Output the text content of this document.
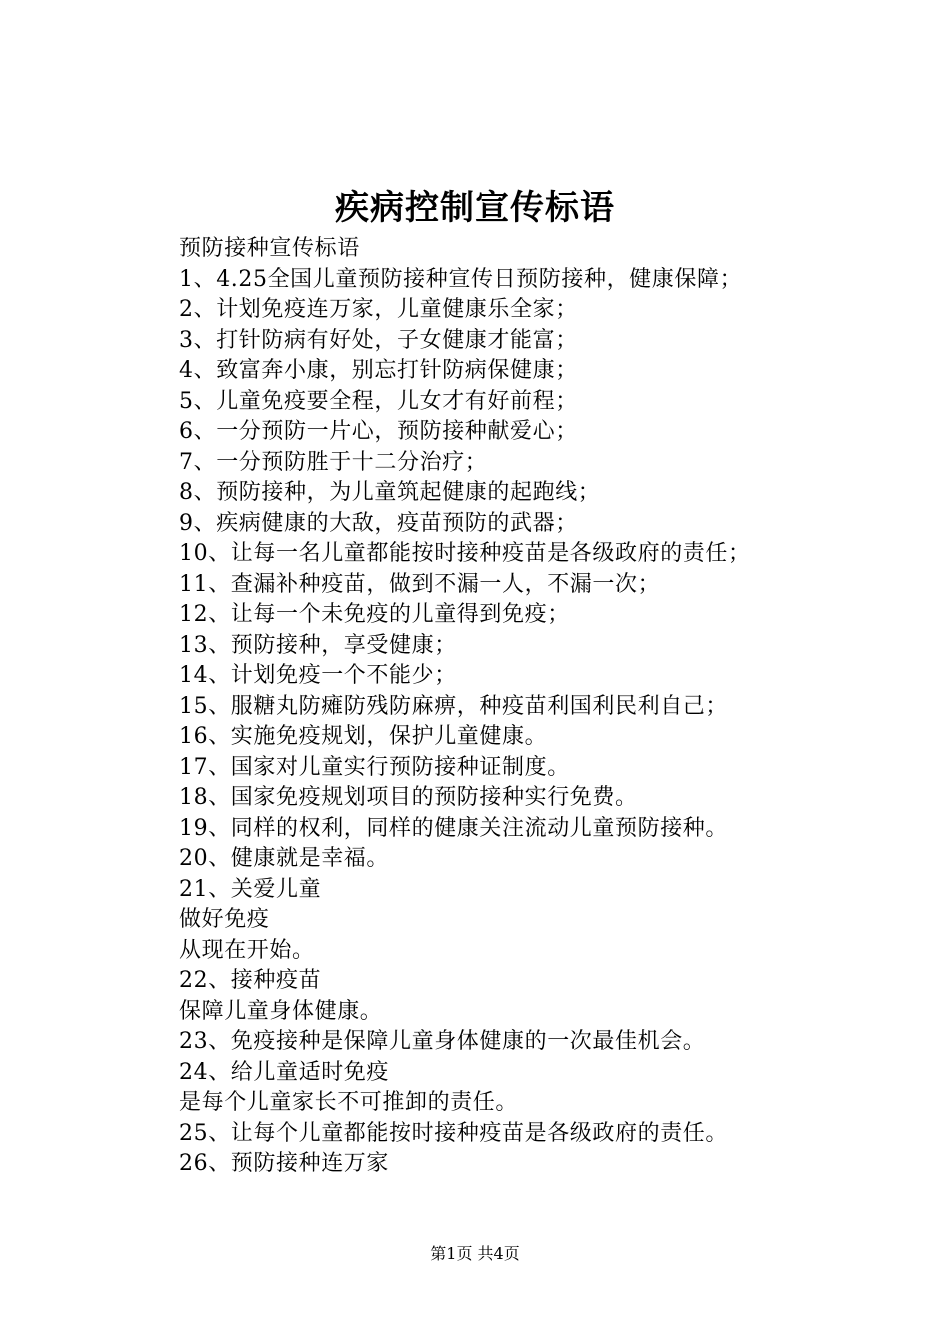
疾病控制宣传标语
预防接种宣传标语
1、4.25全国儿童预防接种宣传日预防接种，健康保障；
2、计划免疫连万家，儿童健康乐全家；
3、打针防病有好处，子女健康才能富；
4、致富奔小康，别忘打针防病保健康；
5、儿童免疫要全程，儿女才有好前程；
6、一分预防一片心，预防接种献爱心；
7、一分预防胜于十二分治疗；
8、预防接种，为儿童筑起健康的起跑线；
9、疾病健康的大敌，疫苗预防的武器；
10、让每一名儿童都能按时接种疫苗是各级政府的责任；
11、查漏补种疫苗，做到不漏一人，不漏一次；
12、让每一个未免疫的儿童得到免疫；
13、预防接种，享受健康；
14、计划免疫一个不能少；
15、服糖丸防瘫防残防麻痹，种疫苗利国利民利自己；
16、实施免疫规划，保护儿童健康。
17、国家对儿童实行预防接种证制度。
18、国家免疫规划项目的预防接种实行免费。
19、同样的权利，同样的健康关注流动儿童预防接种。
20、健康就是幸福。
21、关爱儿童
做好免疫
从现在开始。
22、接种疫苗
保障儿童身体健康。
23、免疫接种是保障儿童身体健康的一次最佳机会。
24、给儿童适时免疫
是每个儿童家长不可推卸的责任。
25、让每个儿童都能按时接种疫苗是各级政府的责任。
26、预防接种连万家
第1页 共4页
